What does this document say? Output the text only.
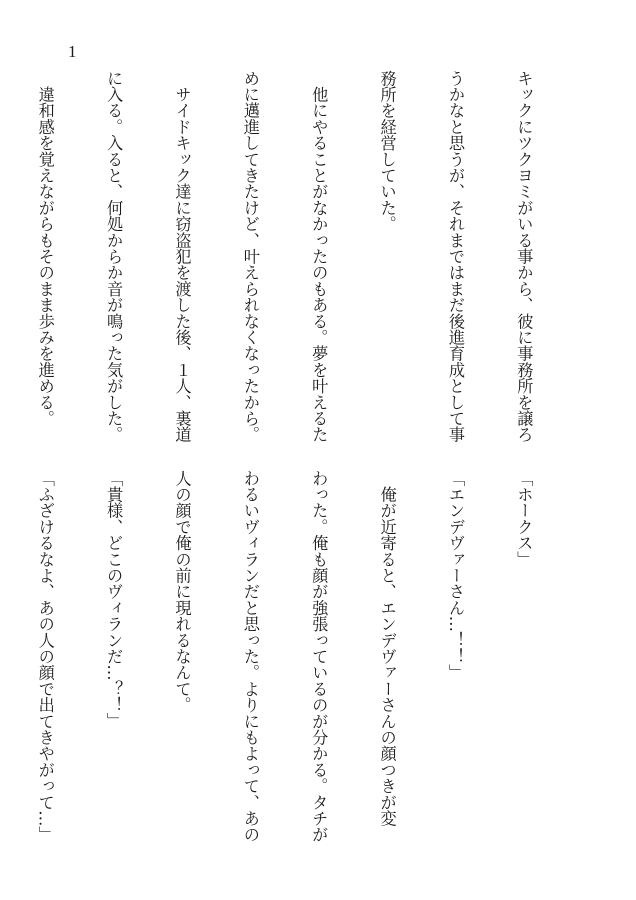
1

キックにツクヨミがいる事から、彼に事務所を譲ろ

うかなと思うが、それまではまだ後進育成として事

務所を経営していた。

　他にやることがなかったのもある。夢を叶えるた

めに邁進してきたけど、叶えられなくなったから。

　サイドキック達に窃盗犯を渡した後、１人、裏道

に入る。入ると、何処からか音が鳴った気がした。

　違和感を覚えながらもそのまま歩みを進める。

「ホークス」

「エンデヴァーさん…！！」

　俺が近寄ると、エンデヴァーさんの顔つきが変

わった。俺も顔が強張っているのが分かる。タチが

わるいヴィランだと思った。よりにもよって、あの

人の顔で俺の前に現れるなんて。

「貴様、どこのヴィランだ…？！」

「ふざけるなよ、あの人の顔で出てきやがって…」
